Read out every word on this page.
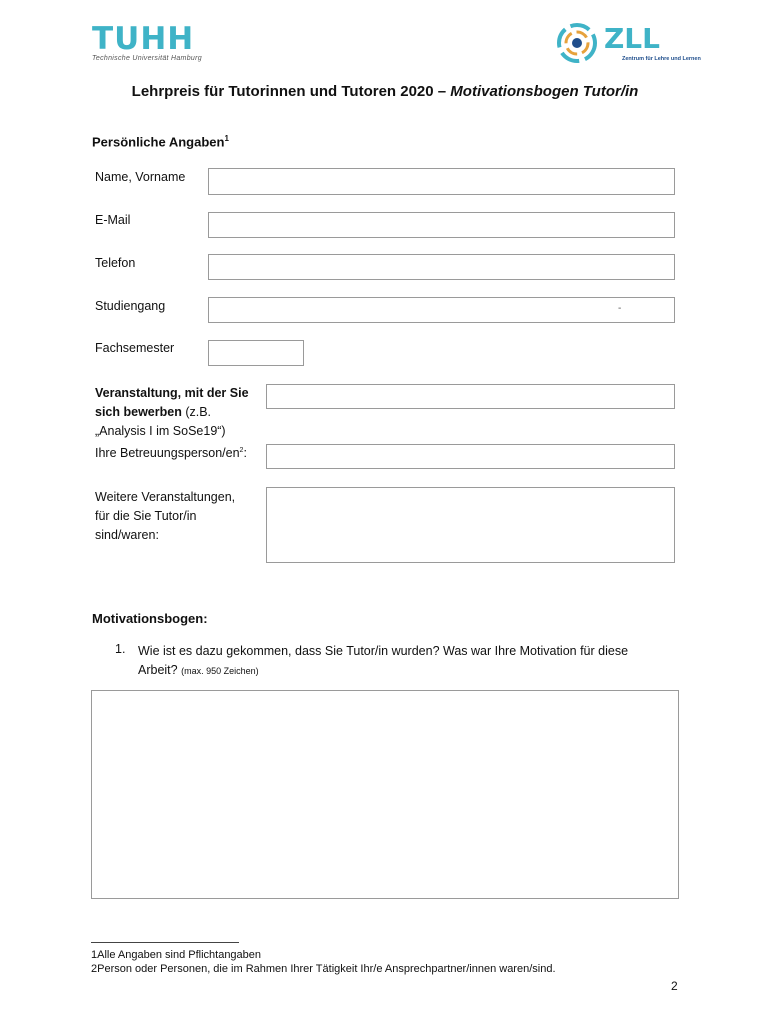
TUHH
Technische Universität Hamburg
ZLL
Zentrum für Lehre und Lernen
Lehrpreis für Tutorinnen und Tutoren 2020 – Motivationsbogen Tutor/in
Persönliche Angaben$^1$
Name, Vorname
E-Mail
Telefon
Studiengang	-
Fachsemester
Veranstaltung, mit der Sie
sich bewerben (z.B.
„Analysis I im SoSe19“)
Ihre Betreuungsperson/$en^2$:
Weitere Veranstaltungen,
für die Sie Tutor/in
sind/waren:
Motivationsbogen:
1. Wie ist es dazu gekommen, dass Sie Tutor/in wurden? Was war Ihre Motivation für diese
Arbeit? (max. 950 Zeichen)
1Alle Angaben sind Pflichtangaben
2Person oder Personen, die im Rahmen Ihrer Tätigkeit Ihr/e Ansprechpartner/innen waren/sind.
2
